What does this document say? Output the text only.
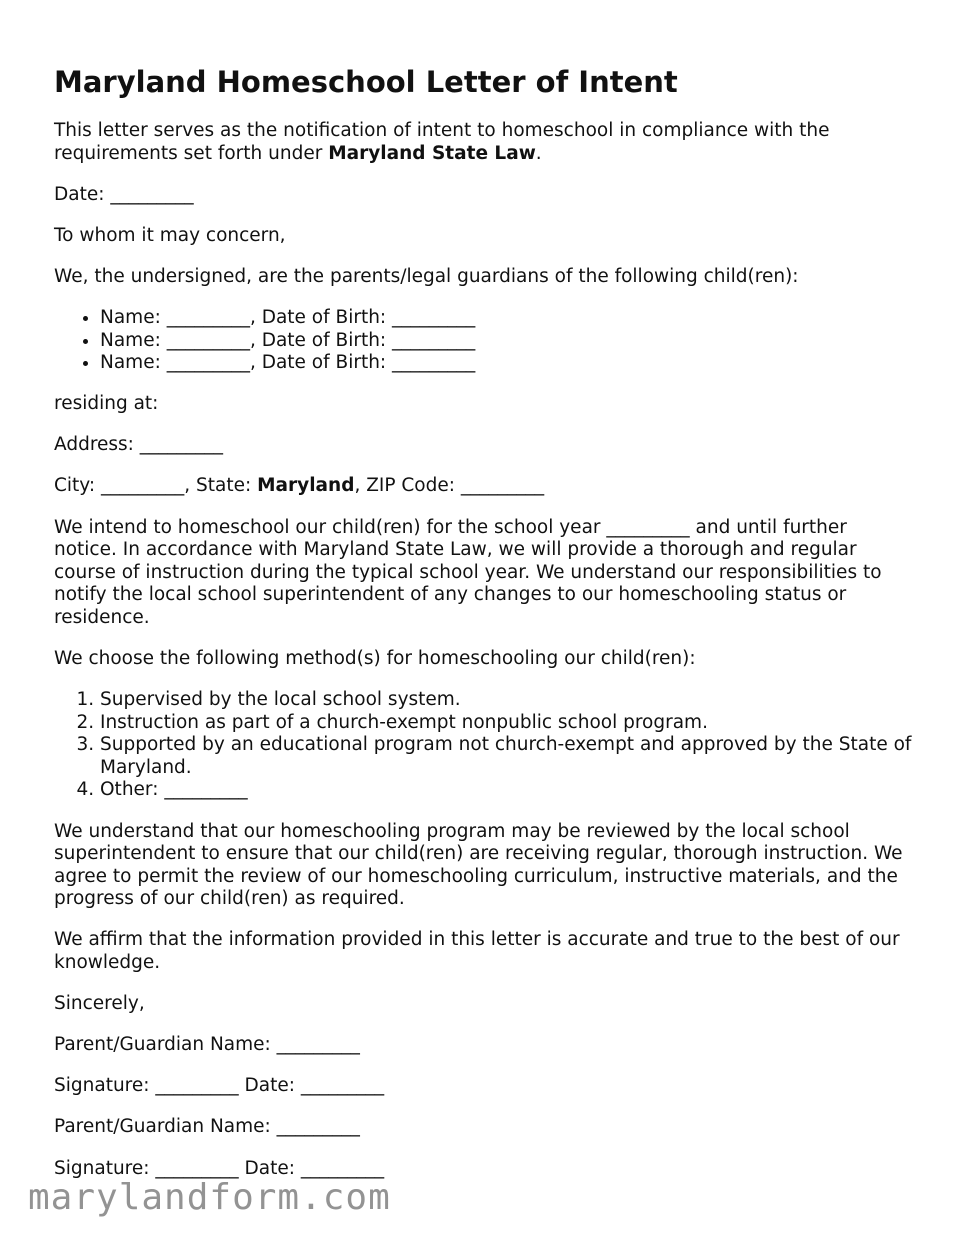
Maryland Homeschool Letter of Intent

This letter serves as the notification of intent to homeschool in compliance with the requirements set forth under Maryland State Law.

Date: _________

To whom it may concern,

We, the undersigned, are the parents/legal guardians of the following child(ren):

• Name: _________, Date of Birth: _________
• Name: _________, Date of Birth: _________
• Name: _________, Date of Birth: _________

residing at:

Address: _________

City: _________, State: Maryland, ZIP Code: _________

We intend to homeschool our child(ren) for the school year _________ and until further notice. In accordance with Maryland State Law, we will provide a thorough and regular course of instruction during the typical school year. We understand our responsibilities to notify the local school superintendent of any changes to our homeschooling status or residence.

We choose the following method(s) for homeschooling our child(ren):

1. Supervised by the local school system.
2. Instruction as part of a church-exempt nonpublic school program.
3. Supported by an educational program not church-exempt and approved by the State of Maryland.
4. Other: _________

We understand that our homeschooling program may be reviewed by the local school superintendent to ensure that our child(ren) are receiving regular, thorough instruction. We agree to permit the review of our homeschooling curriculum, instructive materials, and the progress of our child(ren) as required.

We affirm that the information provided in this letter is accurate and true to the best of our knowledge.

Sincerely,

Parent/Guardian Name: _________

Signature: _________ Date: _________

Parent/Guardian Name: _________

Signature: _________ Date: _________

marylandform.com
